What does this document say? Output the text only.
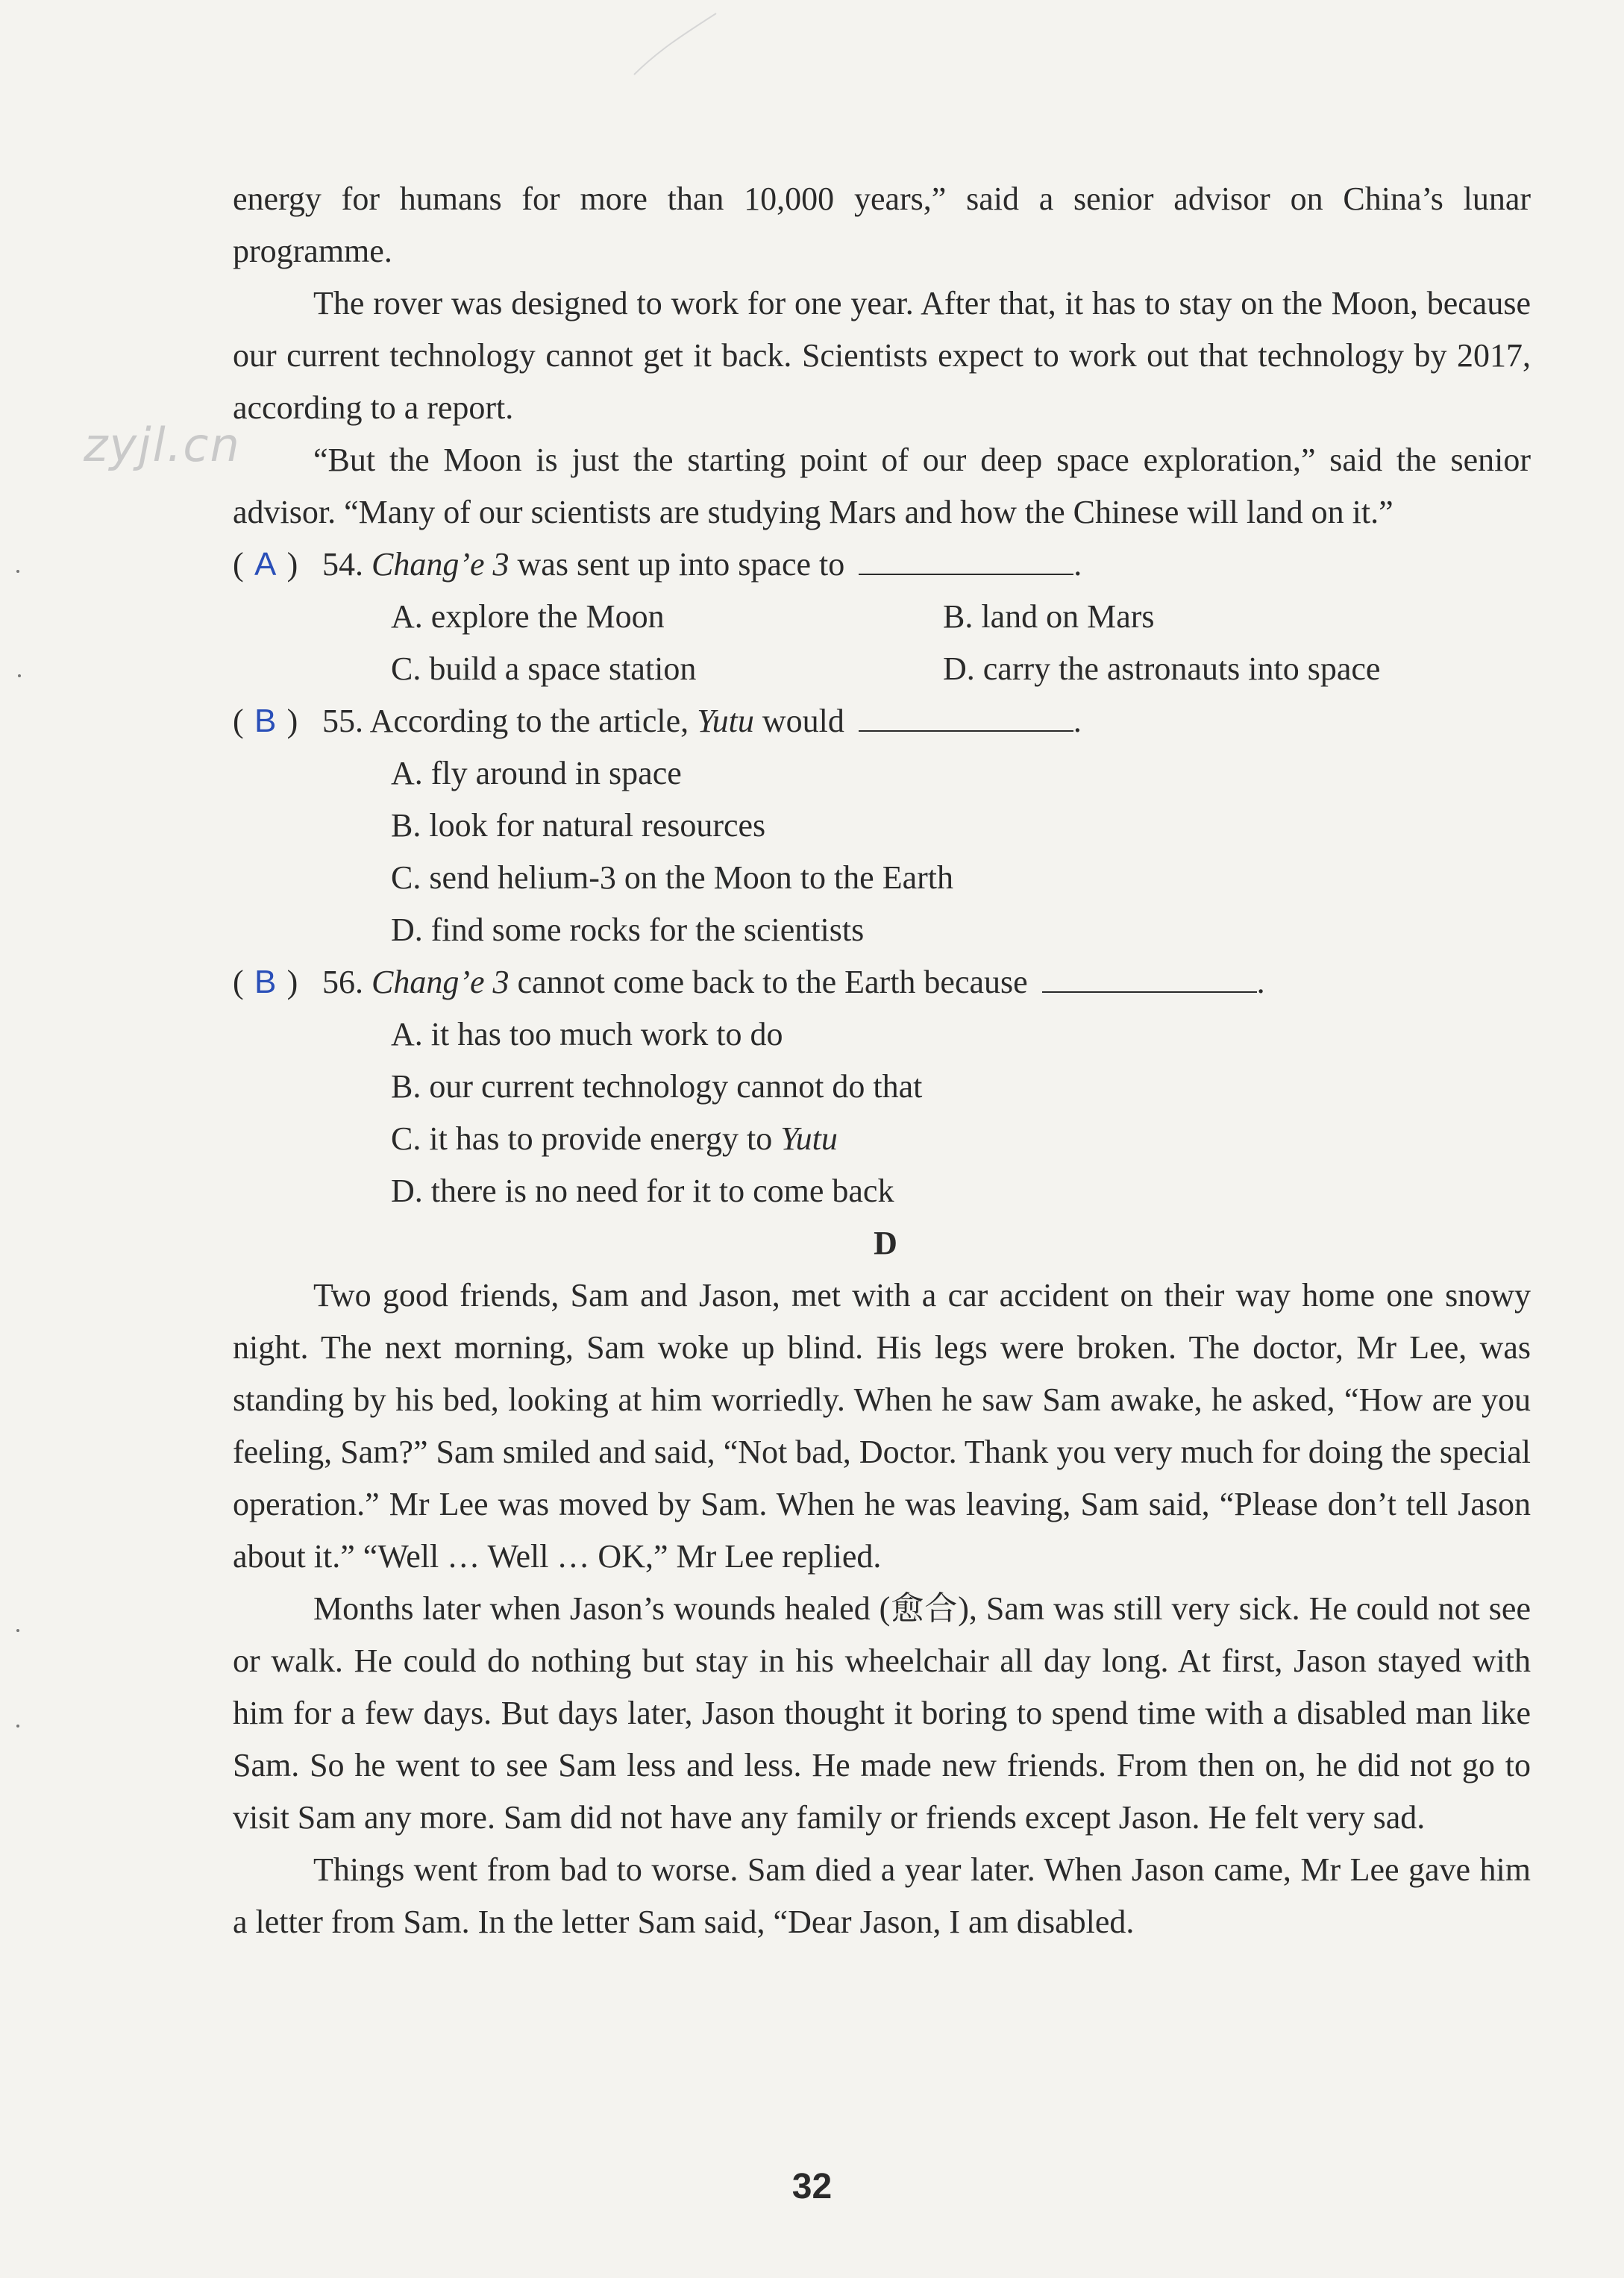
zyjl.cn

energy for humans for more than 10,000 years,” said a senior advisor on China’s lunar programme.

The rover was designed to work for one year. After that, it has to stay on the Moon, because our current technology cannot get it back. Scientists expect to work out that technology by 2017, according to a report.

“But the Moon is just the starting point of our deep space exploration,” said the senior advisor. “Many of our scientists are studying Mars and how the Chinese will land on it.”

( A ) 54. Chang’e 3 was sent up into space to	.

A. explore the Moon	B. land on Mars
C. build a space station	D. carry the astronauts into space

( B ) 55. According to the article, Yutu would	.

A. fly around in space
B. look for natural resources
C. send helium-3 on the Moon to the Earth
D. find some rocks for the scientists

( B ) 56. Chang’e 3 cannot come back to the Earth because	.

A. it has too much work to do
B. our current technology cannot do that
C. it has to provide energy to Yutu
D. there is no need for it to come back

D

Two good friends, Sam and Jason, met with a car accident on their way home one snowy night. The next morning, Sam woke up blind. His legs were broken. The doctor, Mr Lee, was standing by his bed, looking at him worriedly. When he saw Sam awake, he asked, “How are you feeling, Sam?” Sam smiled and said, “Not bad, Doctor. Thank you very much for doing the special operation.” Mr Lee was moved by Sam. When he was leaving, Sam said, “Please don’t tell Jason about it.” “Well … Well … OK,” Mr Lee replied.

Months later when Jason’s wounds healed (愈合), Sam was still very sick. He could not see or walk. He could do nothing but stay in his wheelchair all day long. At first, Jason stayed with him for a few days. But days later, Jason thought it boring to spend time with a disabled man like Sam. So he went to see Sam less and less. He made new friends. From then on, he did not go to visit Sam any more. Sam did not have any family or friends except Jason. He felt very sad.

Things went from bad to worse. Sam died a year later. When Jason came, Mr Lee gave him a letter from Sam. In the letter Sam said, “Dear Jason, I am disabled.

32
